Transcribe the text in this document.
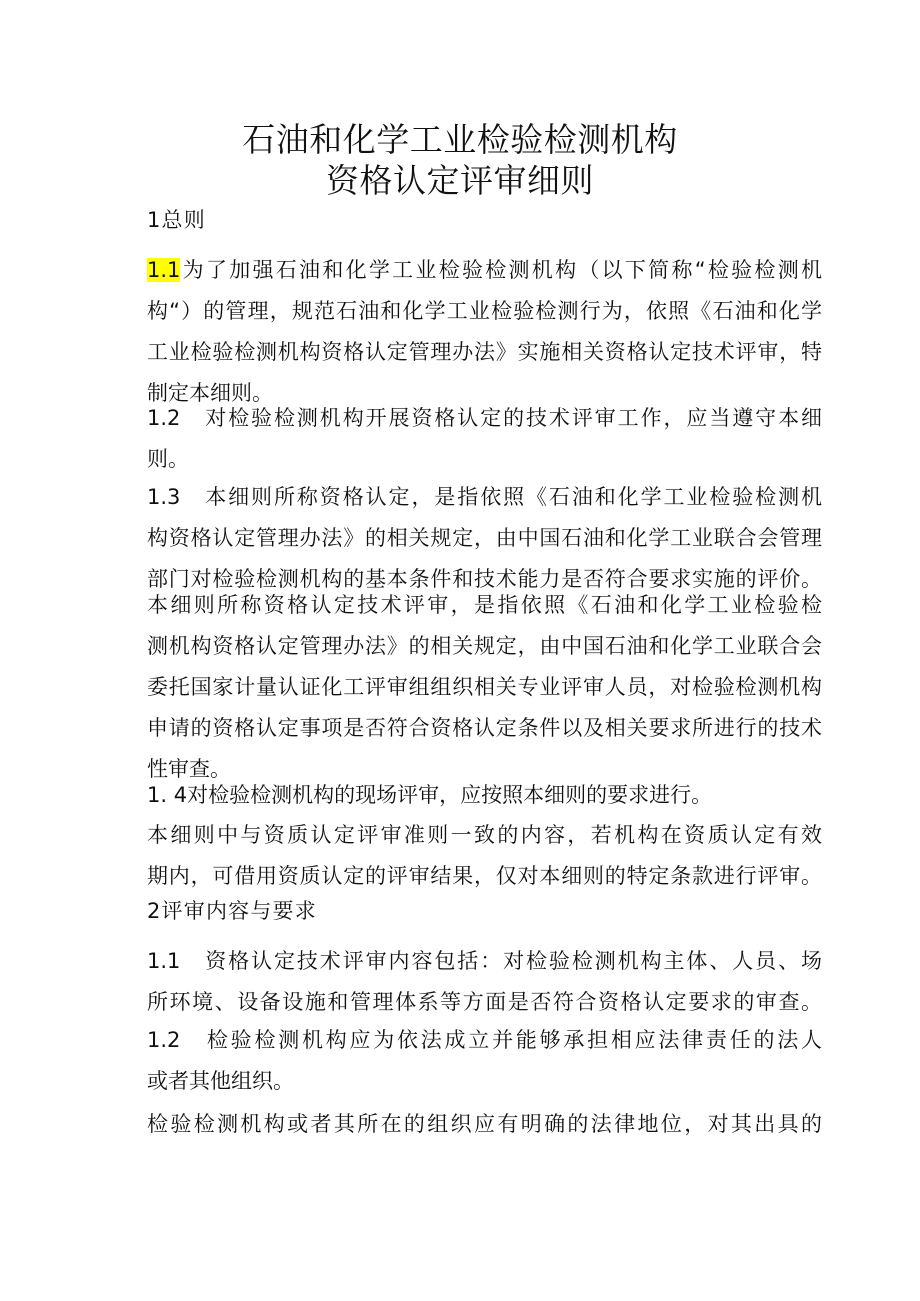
石油和化学工业检验检测机构
资格认定评审细则
1总则
1.1为了加强石油和化学工业检验检测机构（以下简称“检验检测机
构“）的管理，规范石油和化学工业检验检测行为，依照《石油和化学
工业检验检测机构资格认定管理办法》实施相关资格认定技术评审，特
制定本细则。
1.2　对检验检测机构开展资格认定的技术评审工作，应当遵守本细
则。
1.3　本细则所称资格认定，是指依照《石油和化学工业检验检测机
构资格认定管理办法》的相关规定，由中国石油和化学工业联合会管理
部门对检验检测机构的基本条件和技术能力是否符合要求实施的评价。
本细则所称资格认定技术评审，是指依照《石油和化学工业检验检
测机构资格认定管理办法》的相关规定，由中国石油和化学工业联合会
委托国家计量认证化工评审组组织相关专业评审人员，对检验检测机构
申请的资格认定事项是否符合资格认定条件以及相关要求所进行的技术
性审查。
1. 4对检验检测机构的现场评审，应按照本细则的要求进行。
本细则中与资质认定评审准则一致的内容，若机构在资质认定有效
期内，可借用资质认定的评审结果，仅对本细则的特定条款进行评审。
2评审内容与要求
1.1　资格认定技术评审内容包括：对检验检测机构主体、人员、场
所环境、设备设施和管理体系等方面是否符合资格认定要求的审查。
1.2　检验检测机构应为依法成立并能够承担相应法律责任的法人
或者其他组织。
检验检测机构或者其所在的组织应有明确的法律地位，对其出具的
